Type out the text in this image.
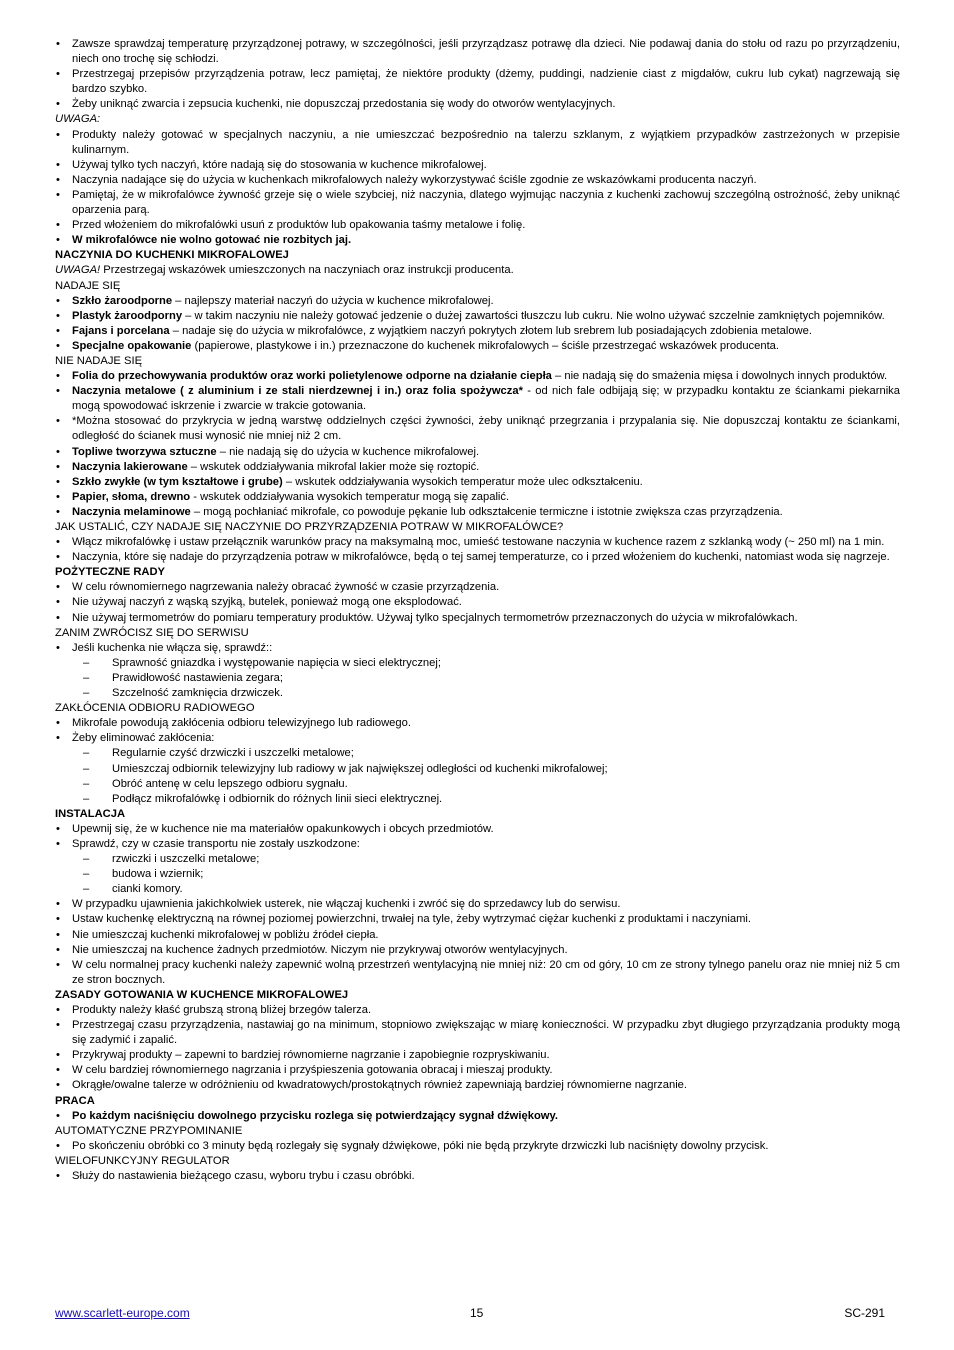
• Zawsze sprawdzaj temperaturę przyrządzonej potrawy, w szczególności, jeśli przyrządzasz potrawę dla dzieci. Nie podawaj dania do stołu od razu po przyrządzeniu, niech ono trochę się schłodzi.
• Przestrzegaj przepisów przyrządzenia potraw, lecz pamiętaj, że niektóre produkty (dżemy, puddingi, nadzienie ciast z migdałów, cukru lub cykat) nagrzewają się bardzo szybko.
• Żeby uniknąć zwarcia i zepsucia kuchenki, nie dopuszczaj przedostania się wody do otworów wentylacyjnych.
UWAGA:
• Produkty należy gotować w specjalnych naczyniu, a nie umieszczać bezpośrednio na talerzu szklanym, z wyjątkiem przypadków zastrzeżonych w przepisie kulinarnym.
• Używaj tylko tych naczyń, które nadają się do stosowania w kuchence mikrofalowej.
• Naczynia nadające się do użycia w kuchenkach mikrofalowych należy wykorzystywać ściśle zgodnie ze wskazówkami producenta naczyń.
• Pamiętaj, że w mikrofalówce żywność grzeje się o wiele szybciej, niż naczynia, dlatego wyjmując naczynia z kuchenki zachowuj szczególną ostrożność, żeby uniknąć oparzenia parą.
• Przed włożeniem do mikrofalówki usuń z produktów lub opakowania taśmy metalowe i folię.
• W mikrofalówce nie wolno gotować nie rozbitych jaj.
NACZYNIA DO KUCHENKI MIKROFALOWEJ
UWAGA! Przestrzegaj wskazówek umieszczonych na naczyniach oraz instrukcji producenta.
NADAJE SIĘ
• Szkło żaroodporne – najlepszy materiał naczyń do użycia w kuchence mikrofalowej.
• Plastyk żaroodporny – w takim naczyniu nie należy gotować jedzenie o dużej zawartości tłuszczu lub cukru. Nie wolno używać szczelnie zamkniętych pojemników.
• Fajans i porcelana – nadaje się do użycia w mikrofalówce, z wyjątkiem naczyń pokrytych złotem lub srebrem lub posiadających zdobienia metalowe.
• Specjalne opakowanie (papierowe, plastykowe i in.) przeznaczone do kuchenek mikrofalowych – ściśle przestrzegać wskazówek producenta.
NIE NADAJE SIĘ
• Folia do przechowywania produktów oraz worki polietylenowe odporne na działanie ciepła – nie nadają się do smażenia mięsa i dowolnych innych produktów.
• Naczynia metalowe ( z aluminium i ze stali nierdzewnej i in.) oraz folia spożywcza* - od nich fale odbijają się; w przypadku kontaktu ze ściankami piekarnika mogą spowodować iskrzenie i zwarcie w trakcie gotowania.
• *Można stosować do przykrycia w jedną warstwę oddzielnych części żywności, żeby uniknąć przegrzania i przypalania się. Nie dopuszczaj kontaktu ze ściankami, odległość do ścianek musi wynosić nie mniej niż 2 cm.
• Topliwe tworzywa sztuczne – nie nadają się do użycia w kuchence mikrofalowej.
• Naczynia lakierowane – wskutek oddziaływania mikrofal lakier może się roztopić.
• Szkło zwykłe (w tym kształtowe i grube) – wskutek oddziaływania wysokich temperatur może ulec odkształceniu.
• Papier, słoma, drewno - wskutek oddziaływania wysokich temperatur mogą się zapalić.
• Naczynia melaminowe – mogą pochłaniać mikrofale, co powoduje pękanie lub odkształcenie termiczne i istotnie zwiększa czas przyrządzenia.
JAK USTALIĆ, CZY NADAJE SIĘ NACZYNIE DO PRZYRZĄDZENIA POTRAW W MIKROFALÓWCE?
• Włącz mikrofalówkę i ustaw przełącznik warunków pracy na maksymalną moc, umieść testowane naczynia w kuchence razem z szklanką wody (~ 250 ml) na 1 min.
• Naczynia, które się nadaje do przyrządzenia potraw w mikrofalówce, będą o tej samej temperaturze, co i przed włożeniem do kuchenki, natomiast woda się nagrzeje.
POŻYTECZNE RADY
• W celu równomiernego nagrzewania należy obracać żywność w czasie przyrządzenia.
• Nie używaj naczyń z wąską szyjką, butelek, ponieważ mogą one eksplodować.
• Nie używaj termometrów do pomiaru temperatury produktów. Używaj tylko specjalnych termometrów przeznaczonych do użycia w mikrofalówkach.
ZANIM ZWRÓCISZ SIĘ DO SERWISU
• Jeśli kuchenka nie włącza się, sprawdź::
– Sprawność gniazdka i występowanie napięcia w sieci elektrycznej;
– Prawidłowość nastawienia zegara;
– Szczelność zamknięcia drzwiczek.
ZAKŁÓCENIA ODBIORU RADIOWEGO
• Mikrofale powodują zakłócenia odbioru telewizyjnego lub radiowego.
• Żeby eliminować zakłócenia:
– Regularnie czyść drzwiczki i uszczelki metalowe;
– Umieszczaj odbiornik telewizyjny lub radiowy w jak największej odległości od kuchenki mikrofalowej;
– Obróć antenę w celu lepszego odbioru sygnału.
– Podłącz mikrofalówkę i odbiornik do różnych linii sieci elektrycznej.
INSTALACJA
• Upewnij się, że w kuchence nie ma materiałów opakunkowych i obcych przedmiotów.
• Sprawdź, czy w czasie transportu nie zostały uszkodzone:
– rzwiczki i uszczelki metalowe;
– budowa i wziernik;
– cianki komory.
• W przypadku ujawnienia jakichkolwiek usterek, nie włączaj kuchenki i zwróć się do sprzedawcy lub do serwisu.
• Ustaw kuchenkę elektryczną na równej poziomej powierzchni, trwałej na tyle, żeby wytrzymać ciężar kuchenki z produktami i naczyniami.
• Nie umieszczaj kuchenki mikrofalowej w pobliżu źródeł ciepła.
• Nie umieszczaj na kuchence żadnych przedmiotów. Niczym nie przykrywaj otworów wentylacyjnych.
• W celu normalnej pracy kuchenki należy zapewnić wolną przestrzeń wentylacyjną nie mniej niż: 20 cm od góry, 10 cm ze strony tylnego panelu oraz nie mniej niż 5 cm ze stron bocznych.
ZASADY GOTOWANIA W KUCHENCE MIKROFALOWEJ
• Produkty należy kłaść grubszą stroną bliżej brzegów talerza.
• Przestrzegaj czasu przyrządzenia, nastawiaj go na minimum, stopniowo zwiększając w miarę konieczności. W przypadku zbyt długiego przyrządzania produkty mogą się zadymić i zapalić.
• Przykrywaj produkty – zapewni to bardziej równomierne nagrzanie i zapobiegnie rozpryskiwaniu.
• W celu bardziej równomiernego nagrzania i przyśpieszenia gotowania obracaj i mieszaj produkty.
• Okrągłe/owalne talerze w odróżnieniu od kwadratowych/prostokątnych również zapewniają bardziej równomierne nagrzanie.
PRACA
• Po każdym naciśnięciu dowolnego przycisku rozlega się potwierdzający sygnał dźwiękowy.
AUTOMATYCZNE PRZYPOMINANIE
• Po skończeniu obróbki co 3 minuty będą rozlegały się sygnały dźwiękowe, póki nie będą przykryte drzwiczki lub naciśnięty dowolny przycisk.
WIELOFUNKCYJNY REGULATOR
• Służy do nastawienia bieżącego czasu, wyboru trybu i czasu obróbki.
www.scarlett-europe.com	15	SC-291
